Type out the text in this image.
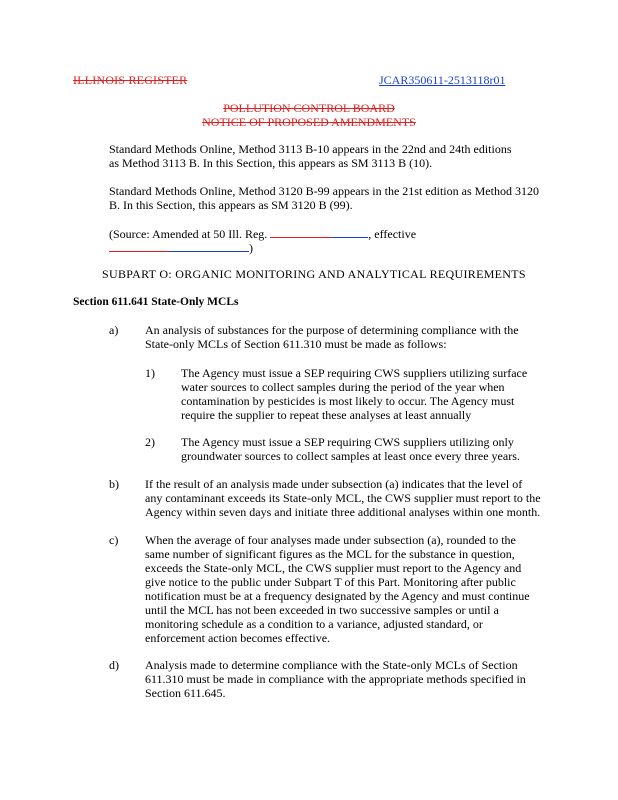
ILLINOIS REGISTER	JCAR350611-2513118r01
POLLUTION CONTROL BOARD
NOTICE OF PROPOSED AMENDMENTS
Standard Methods Online, Method 3113 B-10 appears in the 22nd and 24th editions
as Method 3113 B. In this Section, this appears as SM 3113 B (10).
Standard Methods Online, Method 3120 B-99 appears in the 21st edition as Method 3120
B. In this Section, this appears as SM 3120 B (99).
(Source: Amended at 50 Ill. Reg.	, effective
)
SUBPART O: ORGANIC MONITORING AND ANALYTICAL REQUIREMENTS
Section 611.641 State-Only MCLs
a) An analysis of substances for the purpose of determining compliance with the
State-only MCLs of Section 611.310 must be made as follows:
1) The Agency must issue a SEP requiring CWS suppliers utilizing surface
water sources to collect samples during the period of the year when
contamination by pesticides is most likely to occur. The Agency must
require the supplier to repeat these analyses at least annually
2) The Agency must issue a SEP requiring CWS suppliers utilizing only
groundwater sources to collect samples at least once every three years.
b) If the result of an analysis made under subsection (a) indicates that the level of
any contaminant exceeds its State-only MCL, the CWS supplier must report to the
Agency within seven days and initiate three additional analyses within one month.
c) When the average of four analyses made under subsection (a), rounded to the
same number of significant figures as the MCL for the substance in question,
exceeds the State-only MCL, the CWS supplier must report to the Agency and
give notice to the public under Subpart T of this Part. Monitoring after public
notification must be at a frequency designated by the Agency and must continue
until the MCL has not been exceeded in two successive samples or until a
monitoring schedule as a condition to a variance, adjusted standard, or
enforcement action becomes effective.
d) Analysis made to determine compliance with the State-only MCLs of Section
611.310 must be made in compliance with the appropriate methods specified in
Section 611.645.
